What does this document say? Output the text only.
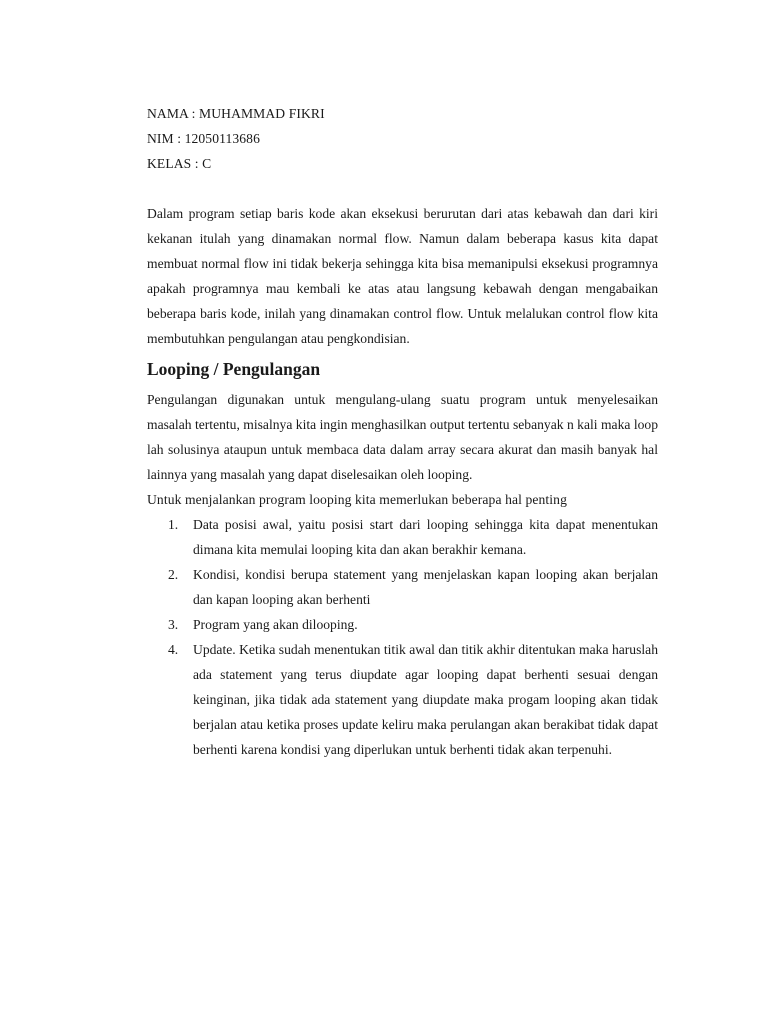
NAMA : MUHAMMAD FIKRI

NIM : 12050113686

KELAS : C

Dalam program setiap baris kode akan eksekusi berurutan dari atas kebawah dan dari kiri kekanan itulah yang dinamakan normal flow. Namun dalam beberapa kasus kita dapat membuat normal flow ini tidak bekerja sehingga kita bisa memanipulsi eksekusi programnya apakah programnya mau kembali ke atas atau langsung kebawah dengan mengabaikan beberapa baris kode, inilah yang dinamakan control flow. Untuk melalukan control flow kita membutuhkan pengulangan atau pengkondisian.

Looping / Pengulangan

Pengulangan digunakan untuk mengulang-ulang suatu program untuk menyelesaikan masalah tertentu, misalnya kita ingin menghasilkan output tertentu sebanyak n kali maka loop lah solusinya ataupun untuk membaca data dalam array secara akurat dan masih banyak hal lainnya yang masalah yang dapat diselesaikan oleh looping.

Untuk menjalankan program looping kita memerlukan beberapa hal penting

1. Data posisi awal, yaitu posisi start dari looping sehingga kita dapat menentukan dimana kita memulai looping kita dan akan berakhir kemana.
2. Kondisi, kondisi berupa statement yang menjelaskan kapan looping akan berjalan dan kapan looping akan berhenti
3. Program yang akan dilooping.
4. Update. Ketika sudah menentukan titik awal dan titik akhir ditentukan maka haruslah ada statement yang terus diupdate agar looping dapat berhenti sesuai dengan keinginan, jika tidak ada statement yang diupdate maka progam looping akan tidak berjalan atau ketika proses update keliru maka perulangan akan berakibat tidak dapat berhenti karena kondisi yang diperlukan untuk berhenti tidak akan terpenuhi.
